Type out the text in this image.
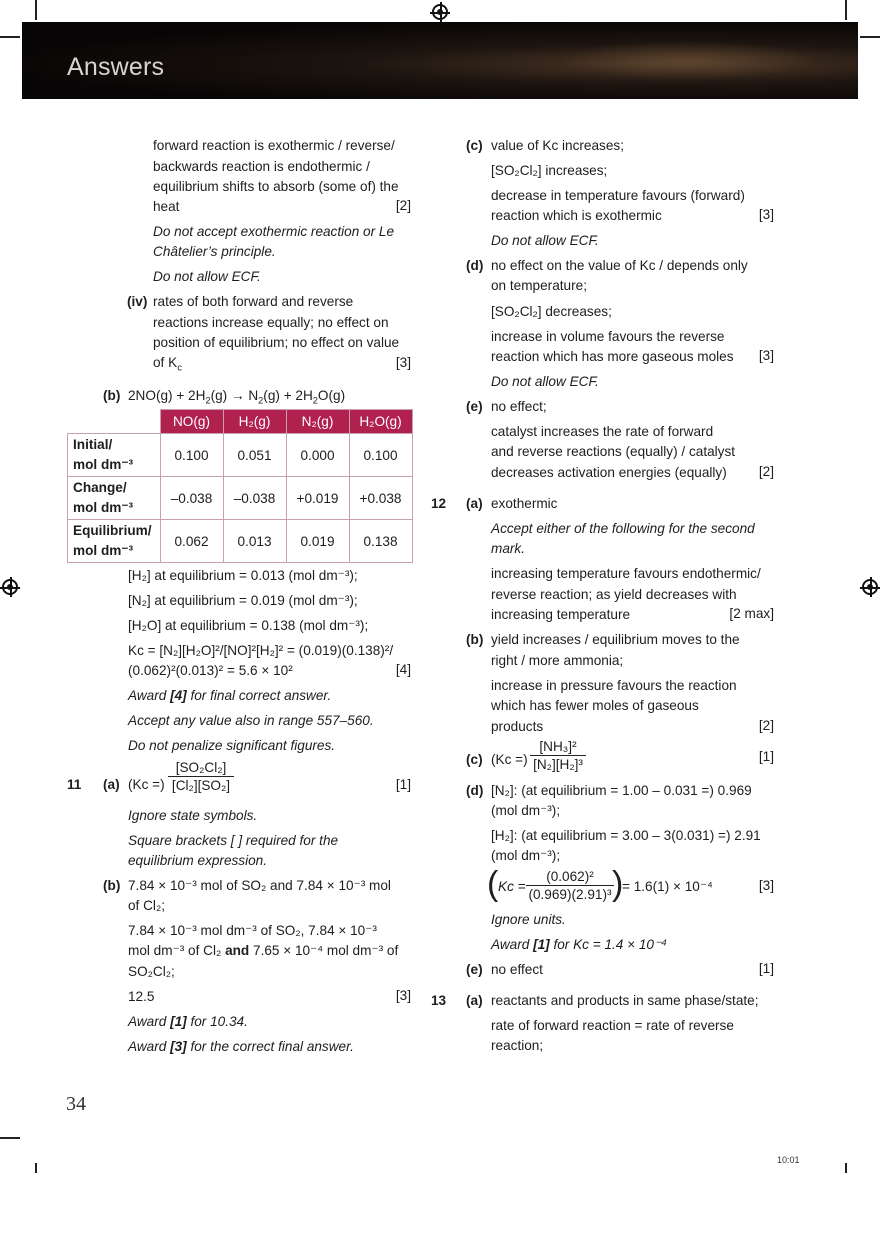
Answers
forward reaction is exothermic / reverse/
backwards reaction is endothermic /
equilibrium shifts to absorb (some of) the
heat	[2]
Do not accept exothermic reaction or Le
Châtelier’s principle.
Do not allow ECF.
(iv) rates of both forward and reverse
reactions increase equally; no effect on
position of equilibrium; no effect on value
of $K_c$	[3]
(b) $2NO(g) + 2H_2(g) \to N_2(g) + 2H_2O(g)$
	NO(g)	H₂(g)	N₂(g)	H₂O(g)
Initial/
mol dm⁻³	0.100	0.051	0.000	0.100
Change/
mol dm⁻³	–0.038	–0.038	+0.019	+0.038
Equilibrium/
mol dm⁻³	0.062	0.013	0.019	0.138
[H₂] at equilibrium = 0.013 (mol dm⁻³);
[N₂] at equilibrium = 0.019 (mol dm⁻³);
[H₂O] at equilibrium = 0.138 (mol dm⁻³);
Kc = [N₂][H₂O]²/[NO]²[H₂]² = (0.019)(0.138)²/
(0.062)²(0.013)² = 5.6 × 10²	[4]
Award [4] for final correct answer.
Accept any value also in range 557–560.
Do not penalize significant figures.
11 (a) (Kc =) $\frac{\text{[SO₂Cl₂]}}{\text{[Cl₂][SO₂]}}$	[1]
Ignore state symbols.
Square brackets [ ] required for the
equilibrium expression.
(b) 7.84 × 10⁻³ mol of SO₂ and 7.84 × 10⁻³ mol
of Cl₂;
7.84 × 10⁻³ mol dm⁻³ of SO₂, 7.84 × 10⁻³
mol dm⁻³ of Cl₂ and 7.65 × 10⁻⁴ mol dm⁻³ of
SO₂Cl₂;
12.5	[3]
Award [1] for 10.34.
Award [3] for the correct final answer.
(c) value of Kc increases;
[SO₂Cl₂] increases;
decrease in temperature favours (forward)
reaction which is exothermic	[3]
Do not allow ECF.
(d) no effect on the value of Kc / depends only
on temperature;
[SO₂Cl₂] decreases;
increase in volume favours the reverse
reaction which has more gaseous moles [3]
Do not allow ECF.
(e) no effect;
catalyst increases the rate of forward
and reverse reactions (equally) / catalyst
decreases activation energies (equally) [2]
12 (a) exothermic
Accept either of the following for the second
mark.
increasing temperature favours endothermic/
reverse reaction; as yield decreases with
increasing temperature	[2 max]
(b) yield increases / equilibrium moves to the
right / more ammonia;
increase in pressure favours the reaction
which has fewer moles of gaseous
products	[2]
(c) (Kc =) $\frac{\text{[NH₃]²}}{\text{[N₂][H₂]³}}$	[1]
(d) [N₂]: (at equilibrium = 1.00 – 0.031 =) 0.969
(mol dm⁻³);
[H₂]: (at equilibrium = 3.00 – 3(0.031) =) 2.91
(mol dm⁻³);
( $Kc = \frac{\text{(0.062)²}}{\text{(0.969)(2.91)³}}$
)
= 1.6(1) × 10⁻⁴	[3]
Ignore units.
Award [1] for Kc = 1.4 × 10⁻⁴
(e) no effect	[1]
13 (a) reactants and products in same phase/state;
rate of forward reaction = rate of reverse
reaction;
34
10:01
